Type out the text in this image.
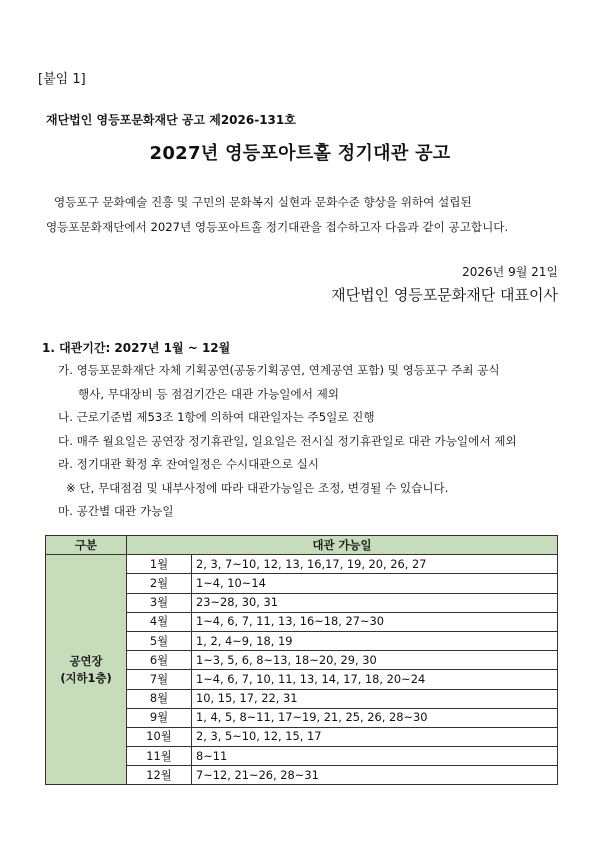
[붙임 1]
재단법인 영등포문화재단 공고 제2026-131호
2027년 영등포아트홀 정기대관 공고

영등포구 문화예술 진흥 및 구민의 문화복지 실현과 문화수준 향상을 위하여 설립된

영등포문화재단에서 2027년 영등포아트홀 정기대관을 접수하고자 다음과 같이 공고합니다.

2026년 9월 21일
재단법인 영등포문화재단 대표이사
1. 대관기간: 2027년 1월 ~ 12월
가. 영등포문화재단 자체 기획공연(공동기획공연, 연계공연 포함) 및 영등포구 주최 공식
행사, 무대장비 등 점검기간은 대관 가능일에서 제외
나. 근로기준법 제53조 1항에 의하여 대관일자는 주5일로 진행
다. 매주 월요일은 공연장 정기휴관일, 일요일은 전시실 정기휴관일로 대관 가능일에서 제외
라. 정기대관 확정 후 잔여일정은 수시대관으로 실시
※ 단, 무대점검 및 내부사정에 따라 대관가능일은 조정, 변경될 수 있습니다.
마. 공간별 대관 가능일
구분	대관 가능일	

공연장
(지하1층)	1월	2, 3, 7~10, 12, 13, 16,17, 19, 20, 26, 27
	2월	1~4, 10~14
	3월	23~28, 30, 31
	4월	1~4, 6, 7, 11, 13, 16~18, 27~30
	5월	1, 2, 4~9, 18, 19
	6월	1~3, 5, 6, 8~13, 18~20, 29, 30
	7월	1~4, 6, 7, 10, 11, 13, 14, 17, 18, 20~24
	8월	10, 15, 17, 22, 31
	9월	1, 4, 5, 8~11, 17~19, 21, 25, 26, 28~30
	10월	2, 3, 5~10, 12, 15, 17
	11월	8~11
	12월	7~12, 21~26, 28~31
